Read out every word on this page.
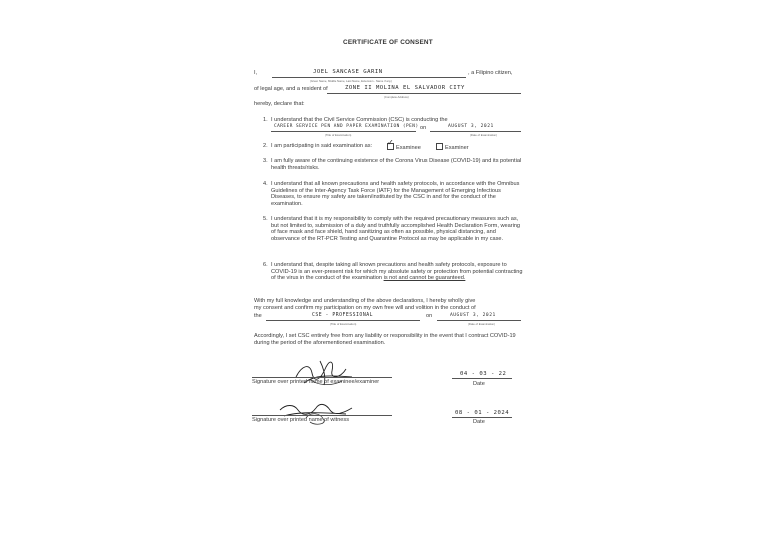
CERTIFICATE OF CONSENT
I,	JOEL SANCASE GARIN
(Given Name, Middle Name, Last Name, Extension - Name if any)
, a Filipino citizen,
of legal age, and a resident of	ZONE II MOLINA EL SALVADOR CITY
(Complete Address)
hereby, declare that:
1. I understand that the Civil Service Commission (CSC) is conducting the
CAREER SERVICE PEN AND PAPER EXAMINATION (PEN) on	AUGUST 3, 2021
(Title of Examination)	(Date of Examination)
2. I am participating in said examination as:
✓	Examinee	Examiner
3. I am fully aware of the continuing existence of the Corona Virus Disease (COVID-19) and its potential health threats/risks.
4. I understand that all known precautions and health safety protocols, in accordance with the Omnibus Guidelines of the Inter-Agency Task Force (IATF) for the Management of Emerging Infectious Diseases, to ensure my safety are taken/instituted by the CSC in and for the conduct of the examination.
5. I understand that it is my responsibility to comply with the required precautionary measures such as, but not limited to, submission of a duly and truthfully accomplished Health Declaration Form, wearing of face mask and face shield, hand sanitizing as often as possible, physical distancing, and observance of the RT-PCR Testing and Quarantine Protocol as may be applicable in my case.
6. I understand that, despite taking all known precautions and health safety protocols, exposure to COVID-19 is an ever-present risk for which my absolute safety or protection from potential contracting of the virus in the conduct of the examination is not and cannot be guaranteed.
With my full knowledge and understanding of the above declarations, I hereby wholly give
my consent and confirm my participation on my own free will and volition in the conduct of
the	CSE - PROFESSIONAL	on	AUGUST 3, 2021
(Title of Examination)	(Date of Examination)
Accordingly, I set CSC entirely free from any liability or responsibility in the event that I contract COVID-19 during the period of the aforementioned examination.
Signature over printed name of examinee/examiner
04 - 03 - 22
Date
Signature over printed name of witness
08 - 01 - 2024
Date
